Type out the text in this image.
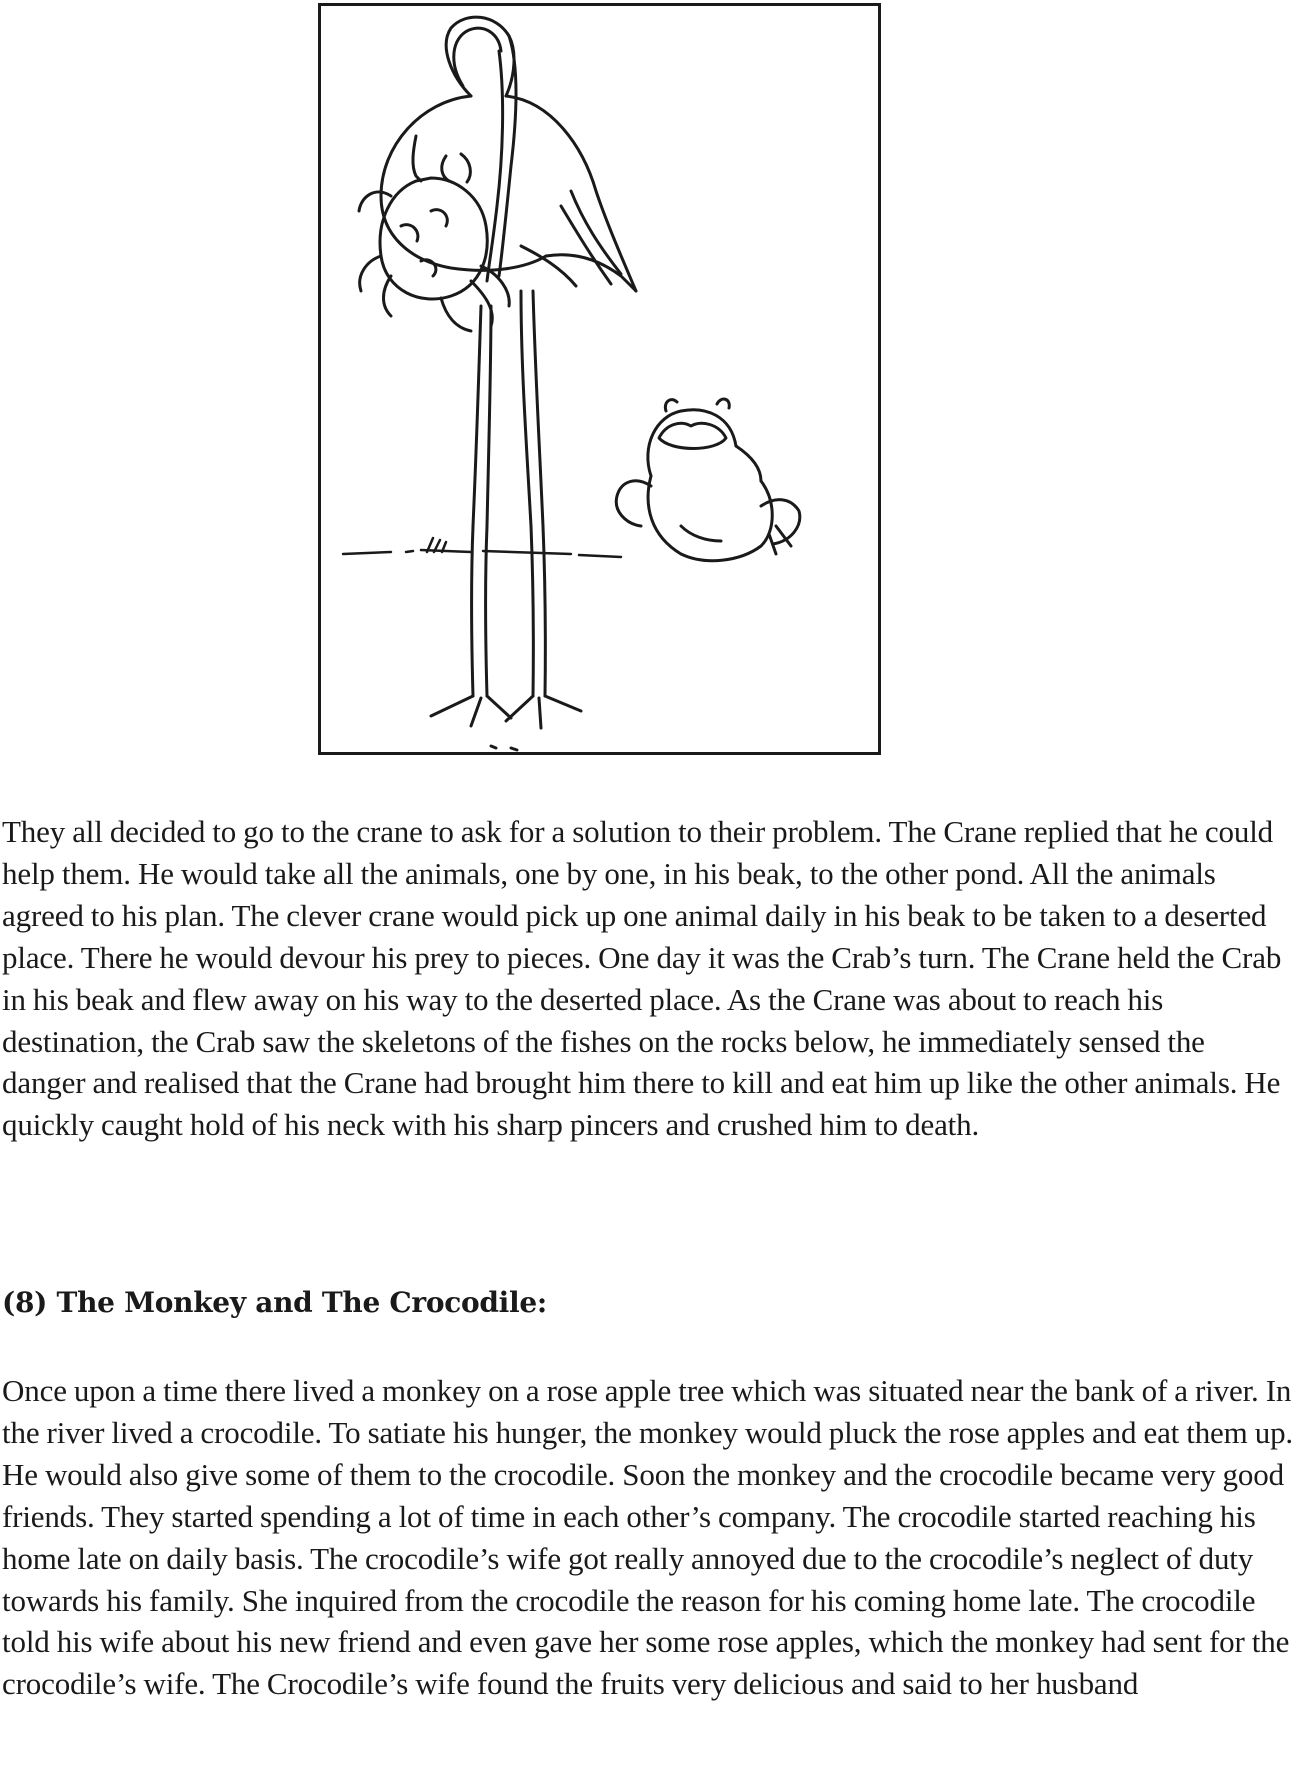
They all decided to go to the crane to ask for a solution to their problem. The Crane replied that he could help them. He would take all the animals, one by one, in his beak, to the other pond. All the animals agreed to his plan. The clever crane would pick up one animal daily in his beak to be taken to a deserted place. There he would devour his prey to pieces. One day it was the Crab’s turn. The Crane held the Crab in his beak and flew away on his way to the deserted place. As the Crane was about to reach his destination, the Crab saw the skeletons of the fishes on the rocks below, he immediately sensed the danger and realised that the Crane had brought him there to kill and eat him up like the other animals. He quickly caught hold of his neck with his sharp pincers and crushed him to death.

(8) The Monkey and The Crocodile:

Once upon a time there lived a monkey on a rose apple tree which was situated near the bank of a river. In the river lived a crocodile. To satiate his hunger, the monkey would pluck the rose apples and eat them up. He would also give some of them to the crocodile. Soon the monkey and the crocodile became very good friends. They started spending a lot of time in each other’s company. The crocodile started reaching his home late on daily basis. The crocodile’s wife got really annoyed due to the crocodile’s neglect of duty towards his family. She inquired from the crocodile the reason for his coming home late. The crocodile told his wife about his new friend and even gave her some rose apples, which the monkey had sent for the crocodile’s wife. The Crocodile’s wife found the fruits very delicious and said to her husband
